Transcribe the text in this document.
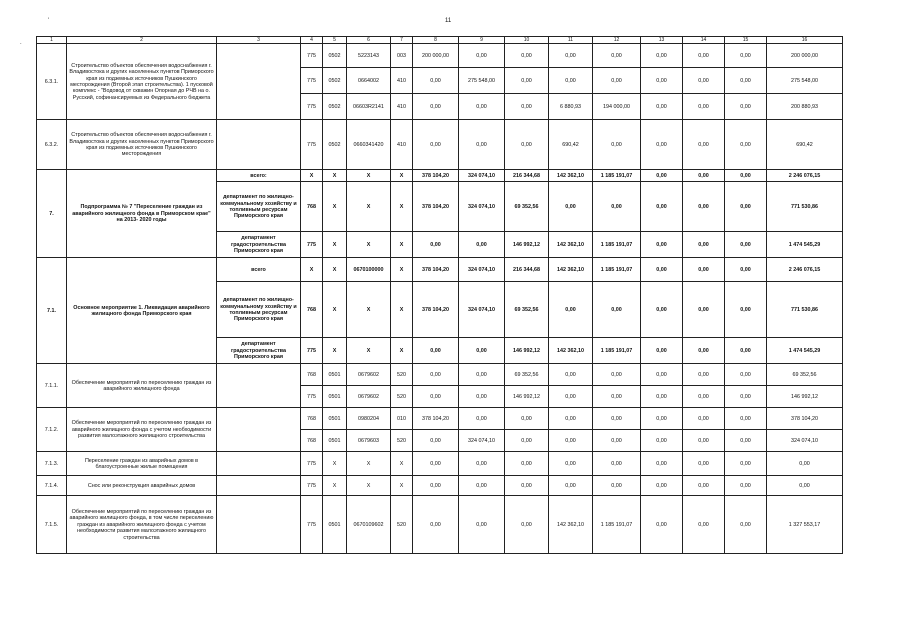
11
'
.	1	2	3	4	5	6	7	8	9	10	11	12	13	14	15	16
6.3.1.	Строительство объектов обеспечения водоснабжения г. Владивостока и других населенных пунктов Приморского края из подземных источников Пушкинского месторождения (Второй этап строительства). 1 пусковой комплекс - "Водовод от скважин Опорная до РЧВ на о. Русский, софинансируемых из Федерального бюджета		775	0502	5223143	003	200 000,00	0,00	0,00	0,00	0,00	0,00	0,00	0,00	200 000,00
			775	0502	0664002	410	0,00	275 548,00	0,00	0,00	0,00	0,00	0,00	0,00	275 548,00
			775	0502	06603R2141	410	0,00	0,00	0,00	6 880,93	194 000,00	0,00	0,00	0,00	200 880,93
6.3.2.	Строительство объектов обеспечения водоснабжения г. Владивостока и других населенных пунктов Приморского края из подземных источников Пушкинского месторождения		775	0502	0660341420	410	0,00	0,00	0,00	690,42	0,00	0,00	0,00	0,00	690,42
7.	Подпрограмма № 7 "Переселение граждан из аварийного жилищного фонда в Приморском крае" на 2013- 2020 годы	всего:	X	X	X	X	378 104,20	324 074,10	216 344,68	142 362,10	1 185 191,07	0,00	0,00	0,00	2 246 076,15
		департамент по жилищно-коммунальному хозяйству и топливным ресурсам Приморского края	768	X	X	X	378 104,20	324 074,10	69 352,56	0,00	0,00	0,00	0,00	0,00	771 530,86
		департамент градостроительства Приморского края	775	X	X	X	0,00	0,00	146 992,12	142 362,10	1 185 191,07	0,00	0,00	0,00	1 474 545,29
7.1.	Основное мероприятие 1. Ликвидация аварийного жилищного фонда Приморского края	всего	X	X	0670100000	X	378 104,20	324 074,10	216 344,68	142 362,10	1 185 191,07	0,00	0,00	0,00	2 246 076,15
		департамент по жилищно-коммунальному хозяйству и топливным ресурсам Приморского края	768	X	X	X	378 104,20	324 074,10	69 352,56	0,00	0,00	0,00	0,00	0,00	771 530,86
		департамент градостроительства Приморского края	775	X	X	X	0,00	0,00	146 992,12	142 362,10	1 185 191,07	0,00	0,00	0,00	1 474 545,29
7.1.1.	Обеспечение мероприятий по переселению граждан из аварийного жилищного фонда		768	0501	0679602	520	0,00	0,00	69 352,56	0,00	0,00	0,00	0,00	0,00	69 352,56
			775	0501	0679602	520	0,00	0,00	146 992,12	0,00	0,00	0,00	0,00	0,00	146 992,12
7.1.2.	Обеспечение мероприятий по переселению граждан из аварийного жилищного фонда с учетом необходимости развития малоэтажного жилищного строительства		768	0501	0980204	010	378 104,20	0,00	0,00	0,00	0,00	0,00	0,00	0,00	378 104,20
			768	0501	0679603	520	0,00	324 074,10	0,00	0,00	0,00	0,00	0,00	0,00	324 074,10
7.1.3.	Переселение граждан из аварийных домов в благоустроенные жилые помещения		775	X	X	X	0,00	0,00	0,00	0,00	0,00	0,00	0,00	0,00	0,00
7.1.4.	Снос или реконструкция аварийных домов		775	X	X	X	0,00	0,00	0,00	0,00	0,00	0,00	0,00	0,00	0,00
7.1.5.	Обеспечение мероприятий по переселению граждан из аварийного жилищного фонда, в том числе переселению граждан из аварийного жилищного фонда с учетом необходимости развития малоэтажного жилищного строительства		775	0501	0670109602	520	0,00	0,00	0,00	142 362,10	1 185 191,07	0,00	0,00	0,00	1 327 553,17
